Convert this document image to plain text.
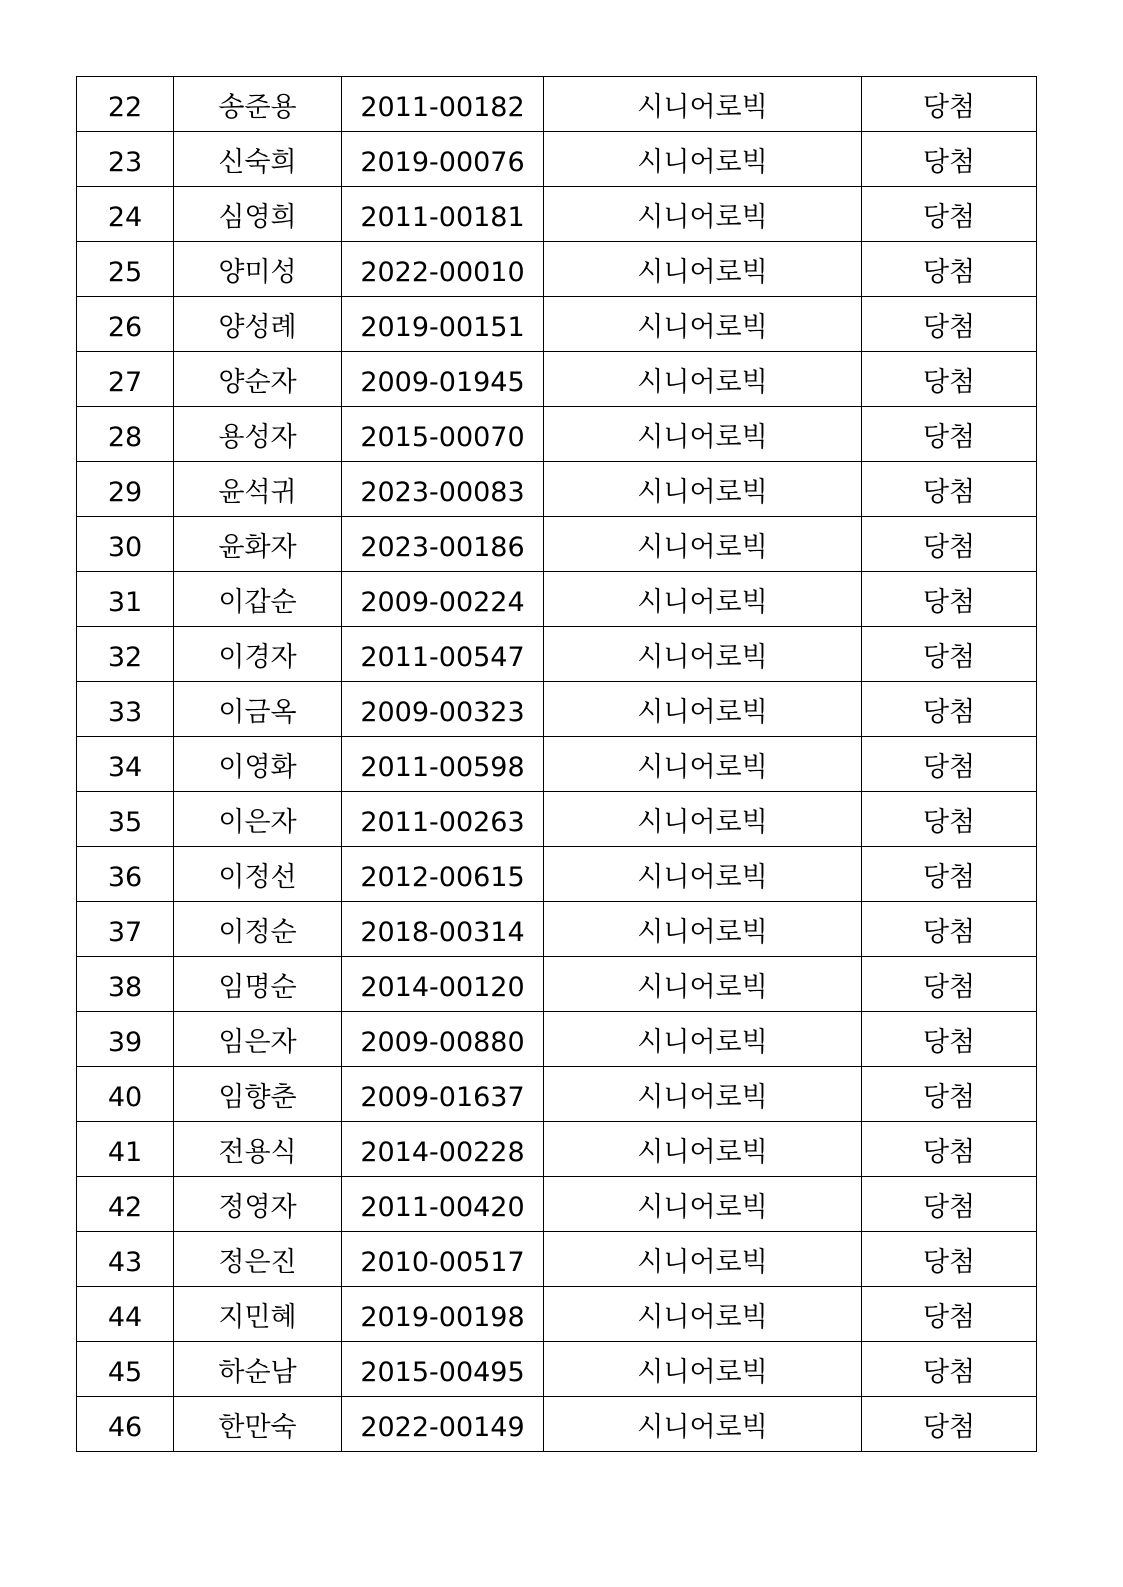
22	송준용	2011-00182	시니어로빅	당첨
23	신숙희	2019-00076	시니어로빅	당첨
24	심영희	2011-00181	시니어로빅	당첨
25	양미성	2022-00010	시니어로빅	당첨
26	양성례	2019-00151	시니어로빅	당첨
27	양순자	2009-01945	시니어로빅	당첨
28	용성자	2015-00070	시니어로빅	당첨
29	윤석귀	2023-00083	시니어로빅	당첨
30	윤화자	2023-00186	시니어로빅	당첨
31	이갑순	2009-00224	시니어로빅	당첨
32	이경자	2011-00547	시니어로빅	당첨
33	이금옥	2009-00323	시니어로빅	당첨
34	이영화	2011-00598	시니어로빅	당첨
35	이은자	2011-00263	시니어로빅	당첨
36	이정선	2012-00615	시니어로빅	당첨
37	이정순	2018-00314	시니어로빅	당첨
38	임명순	2014-00120	시니어로빅	당첨
39	임은자	2009-00880	시니어로빅	당첨
40	임향춘	2009-01637	시니어로빅	당첨
41	전용식	2014-00228	시니어로빅	당첨
42	정영자	2011-00420	시니어로빅	당첨
43	정은진	2010-00517	시니어로빅	당첨
44	지민혜	2019-00198	시니어로빅	당첨
45	하순남	2015-00495	시니어로빅	당첨
46	한만숙	2022-00149	시니어로빅	당첨
